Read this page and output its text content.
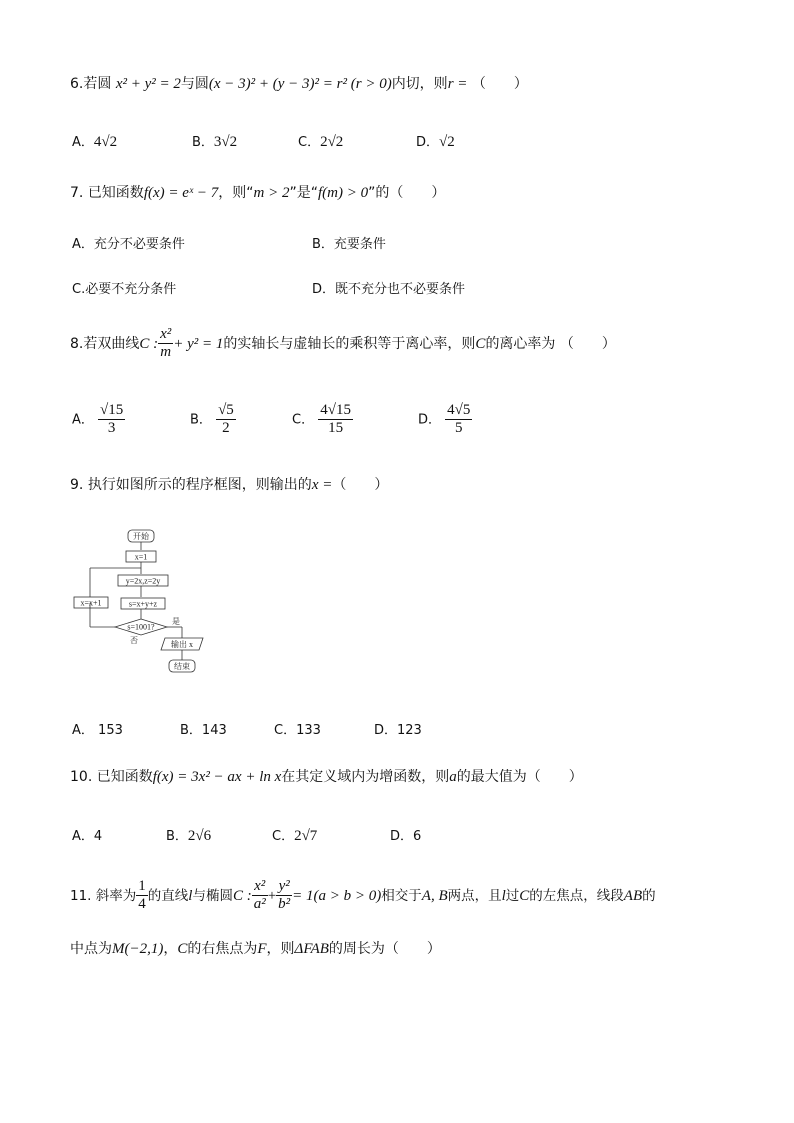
6.若圆 x² + y² = 2与圆(x − 3)² + (y − 3)² = r² (r > 0)内切，则r = （　　）
A．4√2	B．3√2	C．2√2	D．√2
7. 已知函数f(x) = eˣ − 7，则“m > 2”是“f(m) > 0”的（　　）
A．充分不必要条件	B．充要条件
C.必要不充分条件	D．既不充分也不必要条件
8.若双曲线C : $\frac{\text{x²}}{m} + y^2 = 1$的实轴长与虚轴长的乘积等于离心率，则C的离心率为 （　　）
A． $\frac{√15}{3}$	B． $\frac{√5}{2}$	C． $\frac{4√15}{15}$	D． $\frac{4√5}{5}$
9. 执行如图所示的程序框图，则输出的x =（　　）
开始
x=1
y=2x,z=2y
s=x+y+z
s=1001?
是
否	输出 x
结束
x=x+1
A． 153	B．143	C．133	D．123
10. 已知函数f(x) = 3x² − ax + ln x在其定义域内为增函数，则a的最大值为（　　）
A．4	B．2√6	C．2√7	D．6
11. 斜率为 $\frac{1}{4}$ 的直线l与椭圆C : $\frac{\text{x²}}{\text{a²}} + \frac{\text{y²}}{\text{b²}} = 1(a > b > 0)$相交于A, B两点，且l过C的左焦点，线段AB的
中点为M(−2,1)，C的右焦点为F，则ΔFAB的周长为（　　）
